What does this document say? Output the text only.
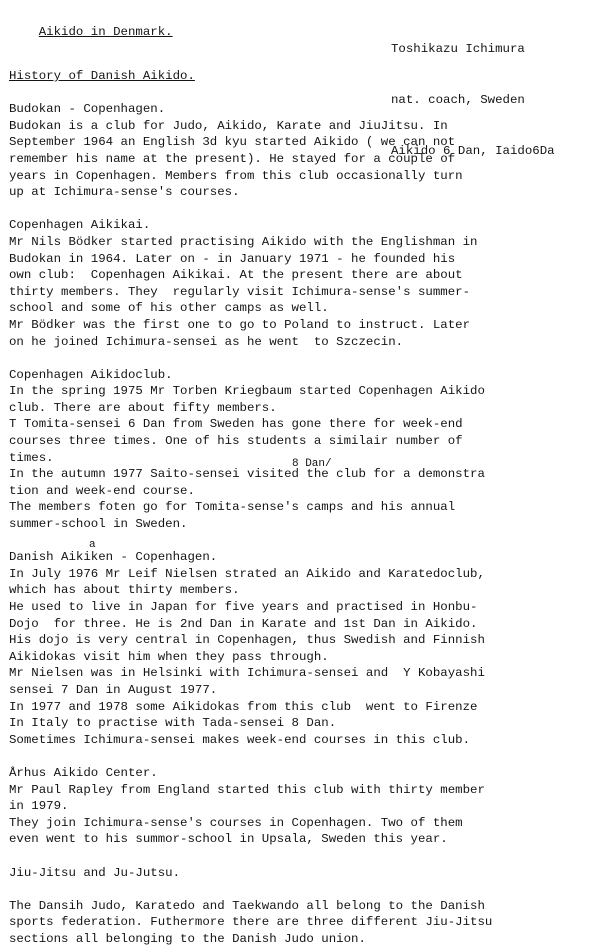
Aikido in Denmark.

Toshikazu Ichimura

nat. coach, Sweden

Aikido 6 Dan, Iaido6Da

History of Danish Aikido.
Budokan - Copenhagen.
Budokan is a club for Judo, Aikido, Karate and JiuJitsu. In
September 1964 an English 3d kyu started Aikido ( we can not
remember his name at the present). He stayed for a couple of
years in Copenhagen. Members from this club occasionally turn
up at Ichimura-sense's courses.
Copenhagen Aikikai.
Mr Nils Bödker started practising Aikido with the Englishman in
Budokan in 1964. Later on - in January 1971 - he founded his
own club:  Copenhagen Aikikai. At the present there are about
thirty members. They  regularly visit Ichimura-sense's summer-
school and some of his other camps as well.
Mr Bödker was the first one to go to Poland to instruct. Later
on he joined Ichimura-sensei as he went  to Szczecin.
Copenhagen Aikidoclub.
In the spring 1975 Mr Torben Kriegbaum started Copenhagen Aikido
club. There are about fifty members.
T Tomita-sensei 6 Dan from Sweden has gone there for week-end
courses three times. One of his students a similair number of
times.
In the autumn 1977 Saito-sensei visited the club for a demonstra
tion and week-end course.
The members foten go for Tomita-sense's camps and his annual
summer-school in Sweden.
8 Dan/
Danish Aikiken - Copenhagen.
In July 1976 Mr Leif Nielsen strated an Aikido and Karatedoclub,
which has about thirty members.
He used to live in Japan for five years and practised in Honbu-
Dojo  for three. He is 2nd Dan in Karate and 1st Dan in Aikido.
His dojo is very central in Copenhagen, thus Swedish and Finnish
Aikidokas visit him when they pass through.
Mr Nielsen was in Helsinki with Ichimura-sensei and  Y Kobayashi
sensei 7 Dan in August 1977.
In 1977 and 1978 some Aikidokas from this club  went to Firenze
In Italy to practise with Tada-sensei 8 Dan.
Sometimes Ichimura-sensei makes week-end courses in this club.
a
Århus Aikido Center.
Mr Paul Rapley from England started this club with thirty member
in 1979.
They join Ichimura-sense's courses in Copenhagen. Two of them
even went to his summor-school in Upsala, Sweden this year.
Jiu-Jitsu and Ju-Jutsu.
The Dansih Judo, Karatedo and Taekwando all belong to the Danish
sports federation. Futhermore there are three different Jiu-Jitsu
sections all belonging to the Danish Judo union.
